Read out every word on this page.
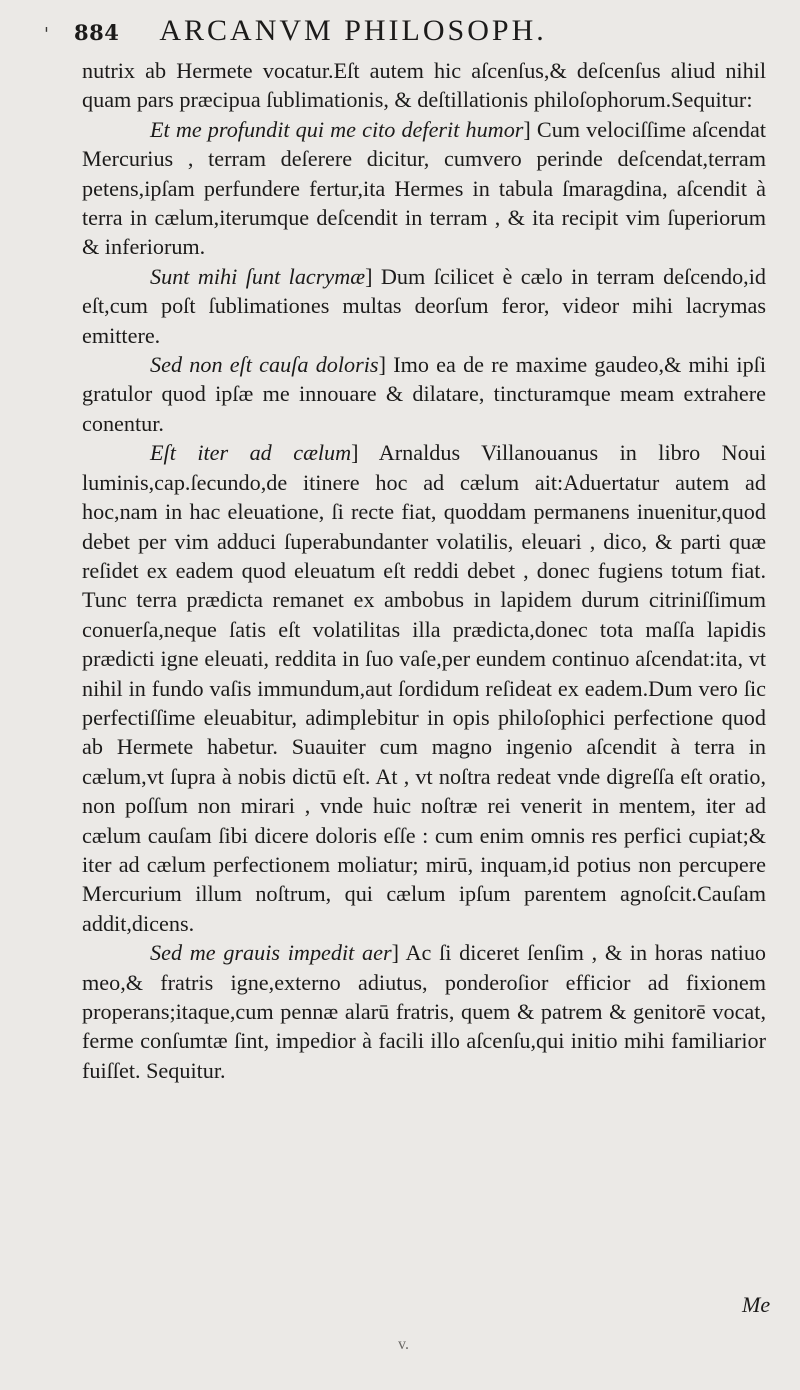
'	884 ARCANVM PHILOSOPH.

nutrix ab Hermete vocatur.Eſt autem hic aſcenſus,& deſcenſus aliud nihil quam pars præcipua ſublimationis, & deſtillationis philoſophorum.Sequitur:

Et me profundit qui me cito deferit humor] Cum velociſſime aſcendat Mercurius , terram deſerere dicitur, cumvero perinde deſcendat,terram petens,ipſam perfundere fertur,ita Hermes in tabula ſmaragdina, aſcendit à terra in cælum,iterumque deſcendit in terram , & ita recipit vim ſuperiorum & inferiorum.

Sunt mihi ſunt lacrymæ] Dum ſcilicet è cælo in terram deſcendo,id eſt,cum poſt ſublimationes multas deorſum feror, videor mihi lacrymas emittere.

Sed non eſt cauſa doloris] Imo ea de re maxime gaudeo,& mihi ipſi gratulor quod ipſæ me innouare & dilatare, tincturamque meam extrahere conentur.

Eſt iter ad cælum] Arnaldus Villanouanus in libro Noui luminis,cap.ſecundo,de itinere hoc ad cælum ait:Aduertatur autem ad hoc,nam in hac eleuatione, ſi recte fiat, quoddam permanens inuenitur,quod debet per vim adduci ſuperabundanter volatilis, eleuari , dico, & parti quæ reſidet ex eadem quod eleuatum eſt reddi debet , donec fugiens totum fiat. Tunc terra prædicta remanet ex ambobus in lapidem durum citriniſſimum conuerſa,neque ſatis eſt volatilitas illa prædicta,donec tota maſſa lapidis prædicti igne eleuati, reddita in ſuo vaſe,per eundem continuo aſcendat:ita, vt nihil in fundo vaſis immundum,aut ſordidum reſideat ex eadem.Dum vero ſic perfectiſſime eleuabitur, adimplebitur in opis philoſophici perfectione quod ab Hermete habetur. Suauiter cum magno ingenio aſcendit à terra in cælum,vt ſupra à nobis dictū eſt. At , vt noſtra redeat vnde digreſſa eſt oratio, non poſſum non mirari , vnde huic noſtræ rei venerit in mentem, iter ad cælum cauſam ſibi dicere doloris eſſe : cum enim omnis res perfici cupiat;& iter ad cælum perfectionem moliatur; mirū, inquam,id potius non percupere Mercurium illum noſtrum, qui cælum ipſum parentem agnoſcit.Cauſam addit,dicens.

Sed me grauis impedit aer] Ac ſi diceret ſenſim , & in horas natiuo meo,& fratris igne,externo adiutus, ponderoſior efficior ad fixionem properans;itaque,cum pennæ alarū fratris, quem & patrem & genitorē vocat, ferme conſumtæ ſint, impedior à facili illo aſcenſu,qui initio mihi familiarior fuiſſet. Sequitur.

Me
v.
